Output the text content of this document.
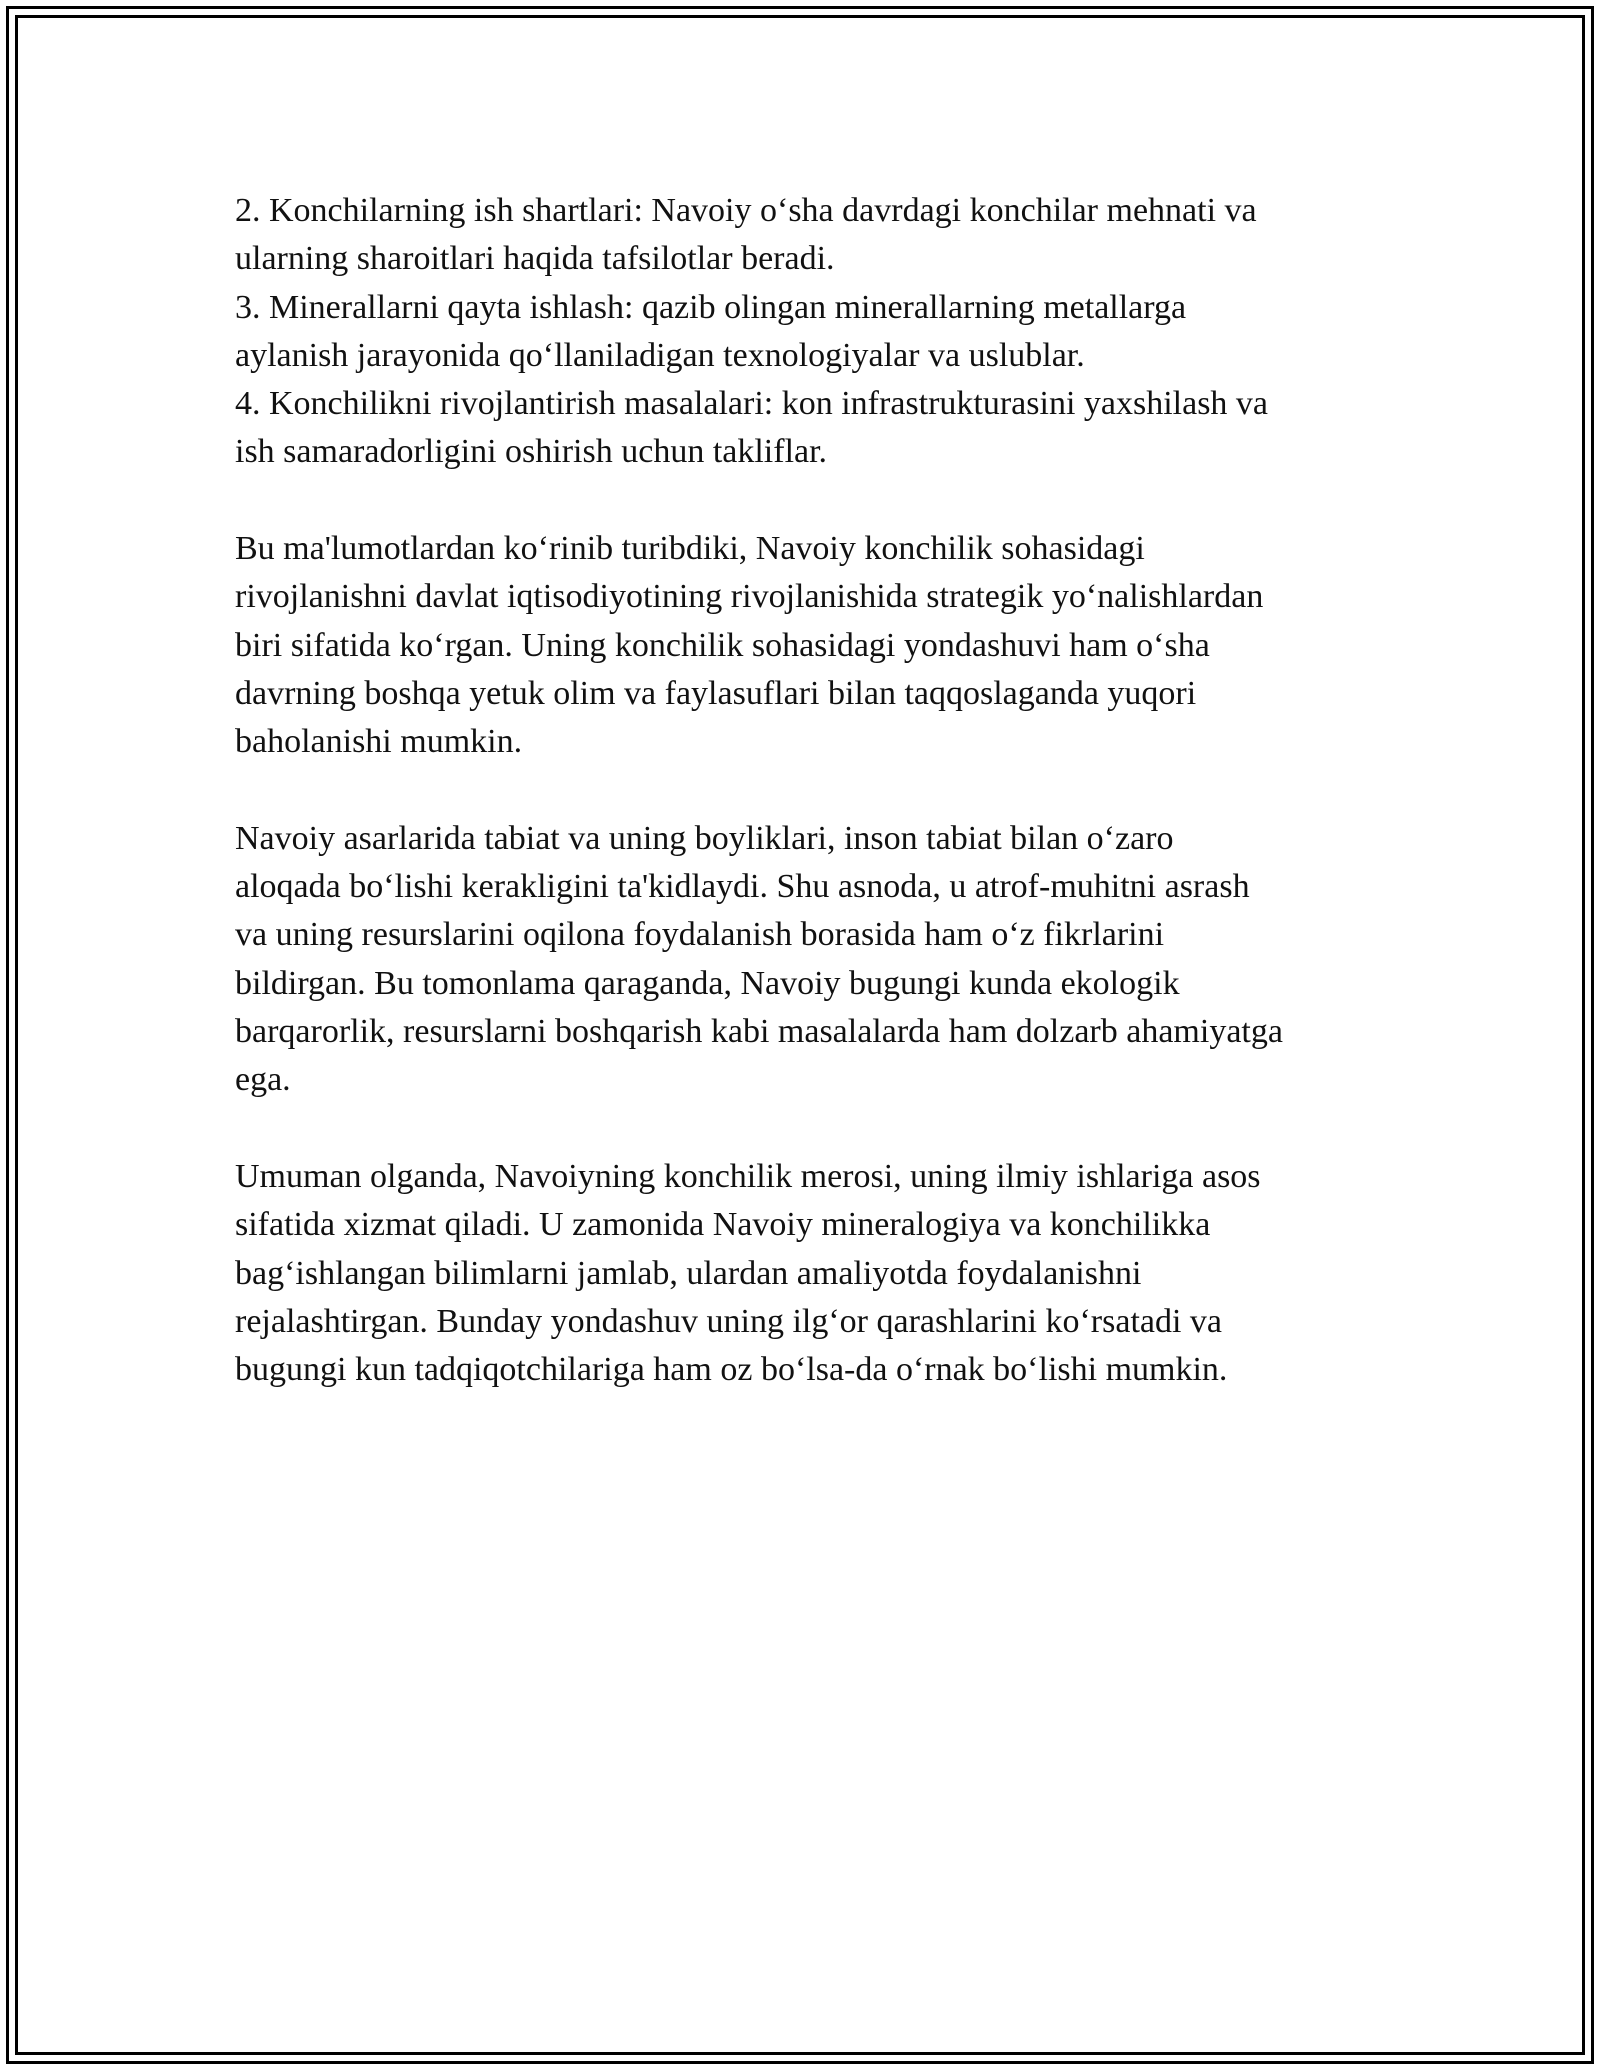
2. Konchilarning ish shartlari: Navoiy o‘sha davrdagi konchilar mehnati va
ularning sharoitlari haqida tafsilotlar beradi.
3. Minerallarni qayta ishlash: qazib olingan minerallarning metallarga
aylanish jarayonida qo‘llaniladigan texnologiyalar va uslublar.
4. Konchilikni rivojlantirish masalalari: kon infrastrukturasini yaxshilash va
ish samaradorligini oshirish uchun takliflar.

Bu ma'lumotlardan ko‘rinib turibdiki, Navoiy konchilik sohasidagi
rivojlanishni davlat iqtisodiyotining rivojlanishida strategik yo‘nalishlardan
biri sifatida ko‘rgan. Uning konchilik sohasidagi yondashuvi ham o‘sha
davrning boshqa yetuk olim va faylasuflari bilan taqqoslaganda yuqori
baholanishi mumkin.

Navoiy asarlarida tabiat va uning boyliklari, inson tabiat bilan o‘zaro
aloqada bo‘lishi kerakligini ta'kidlaydi. Shu asnoda, u atrof-muhitni asrash
va uning resurslarini oqilona foydalanish borasida ham o‘z fikrlarini
bildirgan. Bu tomonlama qaraganda, Navoiy bugungi kunda ekologik
barqarorlik, resurslarni boshqarish kabi masalalarda ham dolzarb ahamiyatga
ega.

Umuman olganda, Navoiyning konchilik merosi, uning ilmiy ishlariga asos
sifatida xizmat qiladi. U zamonida Navoiy mineralogiya va konchilikka
bag‘ishlangan bilimlarni jamlab, ulardan amaliyotda foydalanishni
rejalashtirgan. Bunday yondashuv uning ilg‘or qarashlarini ko‘rsatadi va
bugungi kun tadqiqotchilariga ham oz bo‘lsa-da o‘rnak bo‘lishi mumkin.
